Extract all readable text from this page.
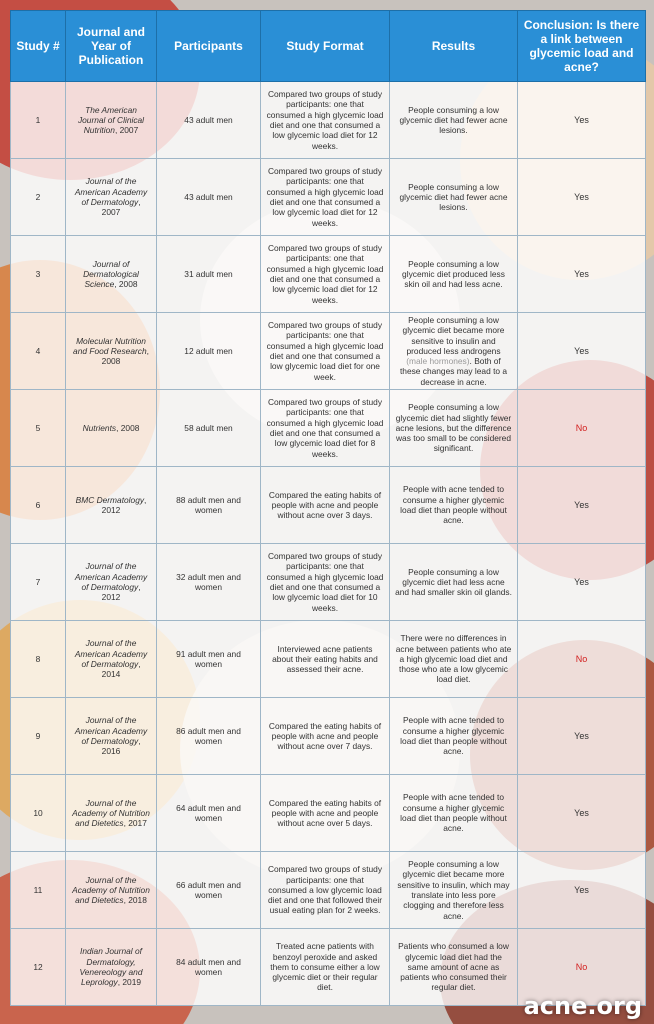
Study #	Journal and Year of Publication	Participants	Study Format	Results	Conclusion: Is there a link between glycemic load and acne?
1	The American Journal of Clinical Nutrition, 2007	43 adult men	Compared two groups of study participants: one that consumed a high glycemic load diet and one that consumed a low glycemic load diet for 12 weeks.	People consuming a low glycemic diet had fewer acne lesions.	Yes
2	Journal of the American Academy of Dermatology, 2007	43 adult men	Compared two groups of study participants: one that consumed a high glycemic load diet and one that consumed a low glycemic load diet for 12 weeks.	People consuming a low glycemic diet had fewer acne lesions.	Yes
3	Journal of Dermatological Science, 2008	31 adult men	Compared two groups of study participants: one that consumed a high glycemic load diet and one that consumed a low glycemic load diet for 12 weeks.	People consuming a low glycemic diet produced less skin oil and had less acne.	Yes
4	Molecular Nutrition and Food Research, 2008	12 adult men	Compared two groups of study participants: one that consumed a high glycemic load diet and one that consumed a low glycemic load diet for one week.	People consuming a low glycemic diet became more sensitive to insulin and produced less androgens (male hormones). Both of these changes may lead to a decrease in acne.	Yes
5	Nutrients, 2008	58 adult men	Compared two groups of study participants: one that consumed a high glycemic load diet and one that consumed a low glycemic load diet for 8 weeks.	People consuming a low glycemic diet had slightly fewer acne lesions, but the difference was too small to be considered significant.	No
6	BMC Dermatology, 2012	88 adult men and women	Compared the eating habits of people with acne and people without acne over 3 days.	People with acne tended to consume a higher glycemic load diet than people without acne.	Yes
7	Journal of the American Academy of Dermatology, 2012	32 adult men and women	Compared two groups of study participants: one that consumed a high glycemic load diet and one that consumed a low glycemic load diet for 10 weeks.	People consuming a low glycemic diet had less acne and had smaller skin oil glands.	Yes
8	Journal of the American Academy of Dermatology, 2014	91 adult men and women	Interviewed acne patients about their eating habits and assessed their acne.	There were no differences in acne between patients who ate a high glycemic load diet and those who ate a low glycemic load diet.	No
9	Journal of the American Academy of Dermatology, 2016	86 adult men and women	Compared the eating habits of people with acne and people without acne over 7 days.	People with acne tended to consume a higher glycemic load diet than people without acne.	Yes
10	Journal of the Academy of Nutrition and Dietetics, 2017	64 adult men and women	Compared the eating habits of people with acne and people without acne over 5 days.	People with acne tended to consume a higher glycemic load diet than people without acne.	Yes
11	Journal of the Academy of Nutrition and Dietetics, 2018	66 adult men and women	Compared two groups of study participants: one that consumed a low glycemic load diet and one that followed their usual eating plan for 2 weeks.	People consuming a low glycemic diet became more sensitive to insulin, which may translate into less pore clogging and therefore less acne.	Yes
12	Indian Journal of Dermatology, Venereology and Leprology, 2019	84 adult men and women	Treated acne patients with benzoyl peroxide and asked them to consume either a low glycemic diet or their regular diet.	Patients who consumed a low glycemic load diet had the same amount of acne as patients who consumed their regular diet.	No
acne.org
